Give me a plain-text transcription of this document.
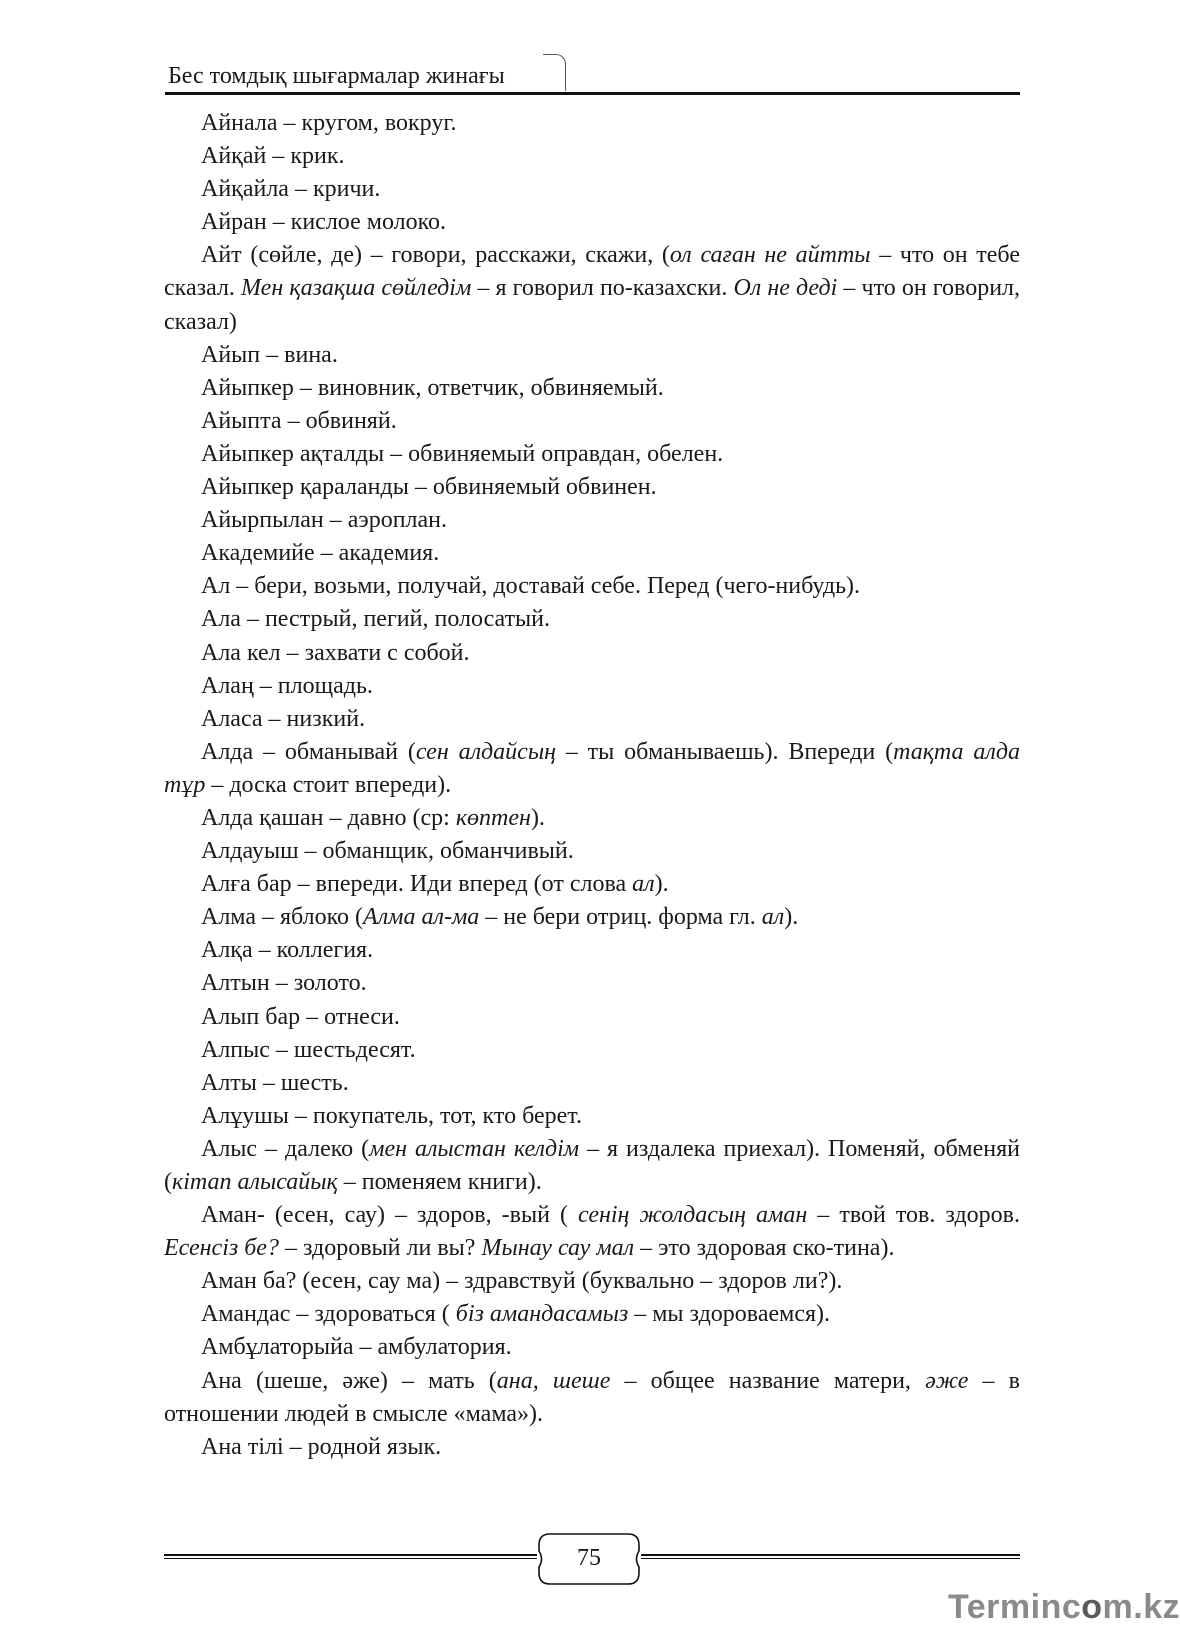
Бес томдық шығармалар жинағы

Айнала – кругом, вокруг.

Айқай – крик.

Айқайла – кричи.

Айран – кислое молоко.

Айт (сөйле, де) – говори, расскажи, скажи, (ол саған не айтты – что он тебе сказал. Мен қазақша сөйледім – я говорил по-казахски. Ол не деді – что он говорил, сказал)

Айып – вина.

Айыпкер – виновник, ответчик, обвиняемый.

Айыпта – обвиняй.

Айыпкер ақталды – обвиняемый оправдан, обелен.

Айыпкер қараланды – обвиняемый обвинен.

Айырпылан – аэроплан.

Академийе – академия.

Ал – бери, возьми, получай, доставай себе. Перед (чего-нибудь).

Ала – пестрый, пегий, полосатый.

Ала кел – захвати с собой.

Алаң – площадь.

Аласа – низкий.

Алда – обманывай (сен алдайсың – ты обманываешь). Впереди (тақта алда тұр – доска стоит впереди).

Алда қашан – давно (ср: көптен).

Алдауыш – обманщик, обманчивый.

Алға бар – впереди. Иди вперед (от слова ал).

Алма – яблоко (Алма ал-ма – не бери отриц. форма гл. ал).

Алқа – коллегия.

Алтын – золото.

Алып бар – отнеси.

Алпыс – шестьдесят.

Алты – шесть.

Алұушы – покупатель, тот, кто берет.

Алыс – далеко (мен алыстан келдім – я издалека приехал). Поменяй, обменяй (кітап алысайық – поменяем книги).

Аман- (есен, сау) – здоров, -вый ( сенің жолдасың аман – твой тов. здоров. Есенсіз бе? – здоровый ли вы? Мынау сау мал – это здоровая ско-тина).

Аман ба? (есен, сау ма) – здравствуй (буквально – здоров ли?).

Амандас – здороваться ( біз амандасамыз – мы здороваемся).

Амбұлаторыйа – амбулатория.

Ана (шеше, әже) – мать (ана, шеше – общее название матери, әже – в отношении людей в смысле «мама»).

Ана тілі – родной язык.

75
Termincom.kz
